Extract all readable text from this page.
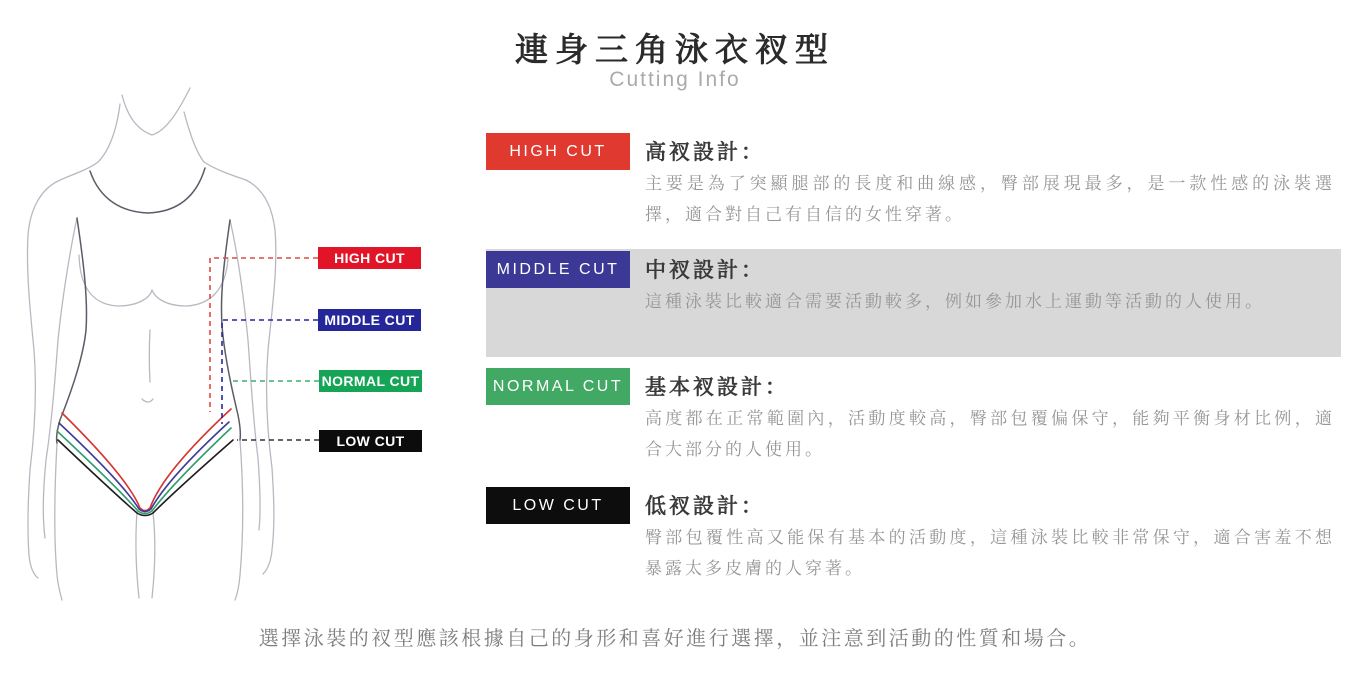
連身三角泳衣衩型
Cutting Info
HIGH CUT
MIDDLE CUT
NORMAL CUT
LOW CUT
HIGH CUT	高衩設計：
主要是為了突顯腿部的長度和曲線感，臀部展現最多，是一款性感的泳裝選擇，適合對自己有自信的女性穿著。
MIDDLE CUT	中衩設計：
這種泳裝比較適合需要活動較多，例如參加水上運動等活動的人使用。
NORMAL CUT	基本衩設計：
高度都在正常範圍內，活動度較高，臀部包覆偏保守，能夠平衡身材比例，適合大部分的人使用。
LOW CUT	低衩設計：
臀部包覆性高又能保有基本的活動度，這種泳裝比較非常保守，適合害羞不想暴露太多皮膚的人穿著。
選擇泳裝的衩型應該根據自己的身形和喜好進行選擇，並注意到活動的性質和場合。
